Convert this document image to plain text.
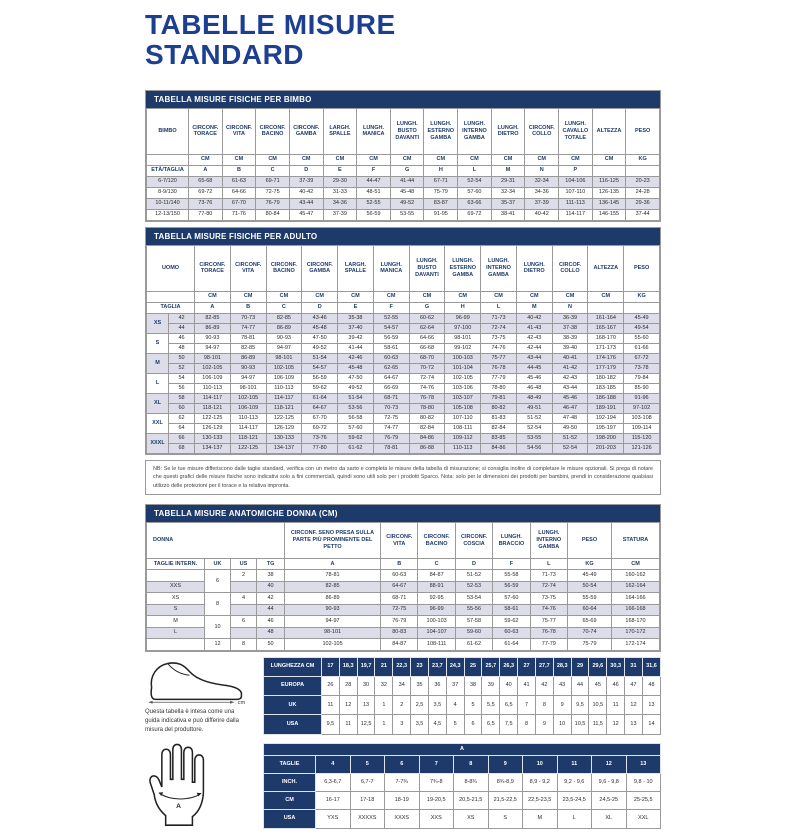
TABELLE MISURE
STANDARD
TABELLA MISURE FISICHE PER BIMBO
BIMBO	CIRCONF. TORACE	CIRCONF. VITA	CIRCONF. BACINO	CIRCONF. GAMBA	LARGH. SPALLE	LUNGH. MANICA	LUNGH. BUSTO DAVANTI	LUNGH. ESTERNO GAMBA	LUNGH. INTERNO GAMBA	LUNGH. DIETRO	CIRCONF. COLLO	LUNGH. CAVALLO TOTALE	ALTEZZA	PESO
	CM	CM	CM	CM	CM	CM	CM	CM	CM	CM	CM	CM	CM	KG
ETÀ/TAGLIA	A	B	C	D	E	F	G	H	L	M	N	P		
6-7/120	65-68	61-63	69-71	37-39	29-30	44-47	41-44	67-71	52-54	29-31	32-34	104-106	116-125	20-23
8-9/130	69-72	64-66	72-75	40-42	31-33	48-51	45-48	75-79	57-60	32-34	34-36	107-110	126-135	24-28
10-11/140	73-76	67-70	76-79	43-44	34-36	52-55	49-52	83-87	63-66	35-37	37-39	111-113	136-145	29-36
12-13/150	77-80	71-76	80-84	45-47	37-39	56-59	53-55	91-95	69-72	38-41	40-42	114-117	146-155	37-44
TABELLA MISURE FISICHE PER ADULTO
UOMO		CIRCONF. TORACE	CIRCONF. VITA	CIRCONF. BACINO	CIRCONF. GAMBA	LARGH. SPALLE	LUNGH. MANICA	LUNGH. BUSTO DAVANTI	LUNGH. ESTERNO GAMBA	LUNGH. INTERNO GAMBA	LUNGH. DIETRO	CIRCOF. COLLO	ALTEZZA	PESO
		CM	CM	CM	CM	CM	CM	CM	CM	CM	CM	CM	CM	KG
TAGLIA		A	B	C	D	E	F	G	H	L	M	N		
XS	42	82-85	70-73	82-85	43-46	35-38	52-55	60-62	96-99	71-73	40-42	36-39	161-164	45-49
	44	86-89	74-77	86-89	45-48	37-40	54-57	62-64	97-100	72-74	41-43	37-38	165-167	49-54
S	46	90-93	78-81	90-93	47-50	39-42	56-59	64-66	98-101	73-75	42-43	38-39	168-170	55-60
	48	94-97	82-85	94-97	49-52	41-44	58-61	66-68	99-102	74-76	42-44	39-40	171-173	61-66
M	50	98-101	86-89	98-101	51-54	42-46	60-63	68-70	100-103	75-77	43-44	40-41	174-176	67-72
	52	102-105	90-93	102-105	54-57	45-48	62-65	70-72	101-104	76-78	44-45	41-42	177-179	73-78
L	54	106-109	94-97	106-109	56-59	47-50	64-67	72-74	102-105	77-79	45-46	42-43	180-182	79-84
	56	110-113	98-101	110-113	59-62	49-52	66-69	74-76	103-106	78-80	46-48	43-44	183-185	85-90
XL	58	114-117	102-105	114-117	61-64	51-54	68-71	76-78	103-107	79-81	48-49	45-46	186-188	91-96
	60	118-121	106-109	118-121	64-67	53-56	70-73	78-80	105-108	80-82	49-51	46-47	189-191	97-102
XXL	62	122-125	110-113	122-125	67-70	56-58	72-75	80-82	107-110	81-83	51-52	47-48	192-194	103-108
	64	126-129	114-117	126-129	69-72	57-60	74-77	82-84	108-111	82-84	52-54	49-50	195-197	109-114
XXXL	66	130-133	118-121	130-133	73-76	59-62	76-79	84-86	109-112	83-85	53-55	51-52	198-200	115-120
	68	134-137	122-125	134-137	77-80	61-62	78-81	86-88	110-113	84-86	54-56	52-54	201-203	121-126
NB: Se le tue misure differiscono dalle taglie standard, verifica con un metro da sarto e completa le misure della tabella di misurazione; si consiglia inoltre di completare le misure opzionali. Si prega di notare che questi grafici delle misure fisiche sono indicativi solo a fini commerciali, quindi sono utili solo per i prodotti Sparco. Nota: solo per le dimensioni dei prodotti per bambini, prendi in considerazione qualsiasi utilizzo delle protezioni per il torace e la relativa impronta.
TABELLA MISURE ANATOMICHE DONNA (CM)
DONNA				CIRCONF. SENO PRESA SULLA PARTE PIÙ PROMINENTE DEL PETTO	CIRCONF. VITA	CIRCONF. BACINO	CIRCONF. COSCIA	LUNGH. BRACCIO	LUNGH. INTERNO GAMBA	PESO	STATURA
TAGLIE INTERN.	UK	US	TG	A	B	C	D	F	L	KG	CM
	6	2	38	78-81	60-63	84-87	51-52	55-58	71-73	45-49	160-162
XXS			40	82-85	64-67	88-91	52-53	56-59	72-74	50-54	162-164
XS	8	4	42	86-89	68-71	92-95	53-54	57-60	73-75	55-59	164-166
S			44	90-93	72-75	96-99	55-56	58-61	74-76	60-64	166-168
M	10	6	46	94-97	76-79	100-103	57-58	59-62	75-77	65-69	168-170
L			48	98-101	80-83	104-107	59-60	60-63	76-78	70-74	170-172
	12	8	50	102-105	84-87	108-111	61-62	61-64	77-79	75-79	172-174
cm
Questa tabella è intesa come una guida indicativa e può differire dalla misura del produttore.
LUNGHEZZA CM	17	18,3	19,7	21	22,3	23	23,7	24,3	25	25,7	26,3	27	27,7	28,3	29	29,6	30,3	31	31,6
EUROPA	26	28	30	32	34	35	36	37	38	39	40	41	42	43	44	45	46	47	48
UK	11	12	13	1	2	2,5	3,5	4	5	5,5	6,5	7	8	9	9,5	10,5	11	12	13
USA	9,5	11	12,5	1	3	3,5	4,5	5	6	6,5	7,5	8	9	10	10,5	11,5	12	13	14
A
A										
TAGLIE	4	5	6	7	8	9	10	11	12	13
INCH.	6,3-6,7	6,7-7	7-7¾	7¾-8	8-8¾	8¾-8,9	8,9 - 9,2	9,2 - 9,6	9,6 - 9,8	9,8 - 10
CM	16-17	17-18	18-19	19-20,5	20,5-21,5	21,5-22,5	22,5-23,5	23,5-24,5	24,5-25	25-25,5
USA	YXS	XXXXS	XXXS	XXS	XS	S	M	L	XL	XXL
